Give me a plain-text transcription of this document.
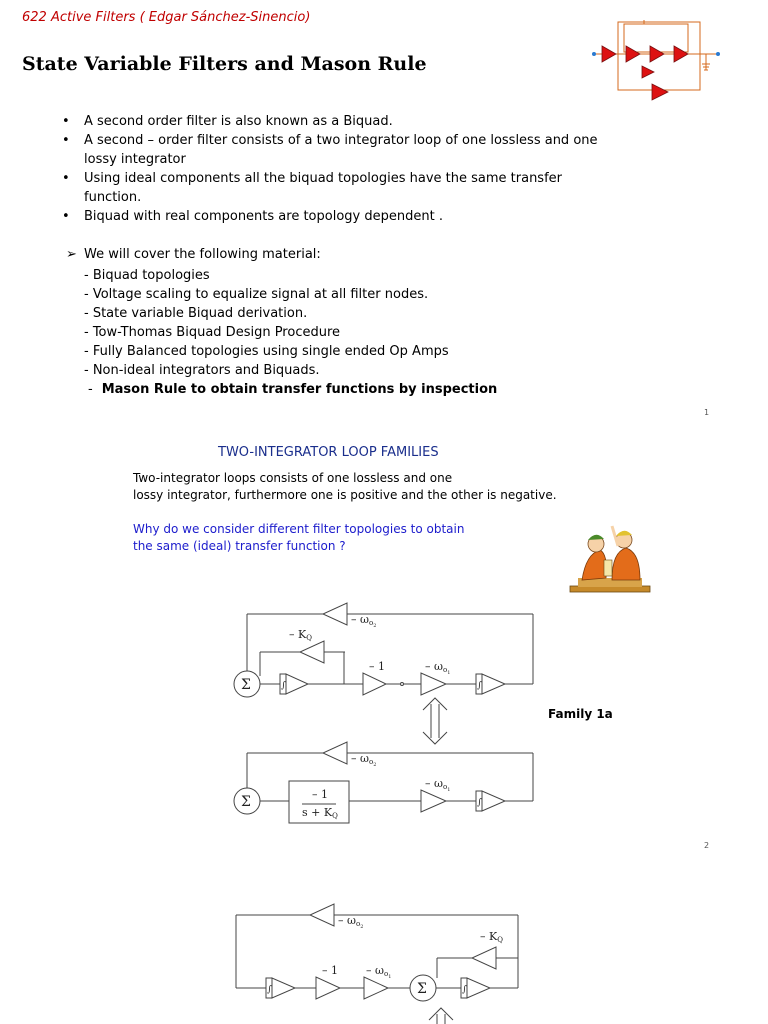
622 Active Filters ( Edgar Sánchez-Sinencio)
State Variable Filters and Mason Rule
• A second order filter is also known as a Biquad.
• A second – order filter consists of a two integrator loop of one lossless and one
lossy integrator
• Using ideal components all the biquad topologies have the same transfer
function.
• Biquad with real components are topology dependent .
➢ We will cover the following material:
- Biquad topologies
- Voltage scaling to equalize signal at all filter nodes.
- State variable Biquad derivation.
- Tow-Thomas Biquad Design Procedure
- Fully Balanced topologies using single ended Op Amps
- Non-ideal integrators and Biquads.
- Mason Rule to obtain transfer functions by inspection
1
TWO-INTEGRATOR LOOP FAMILIES
Two-integrator loops consists of one lossless and one
lossy integrator, furthermore one is positive and the other is negative.
Why do we consider different filter topologies to obtain
the same (ideal) transfer function ?
– ωo2
– KQ
Σ	∫
– 1	– ωo1
∫
– ωo2
Σ	– 1
s + KQ
– ωo1
∫
Family 1a
2
– ωo2
– KQ
∫
– 1	– ωo1
Σ	∫
